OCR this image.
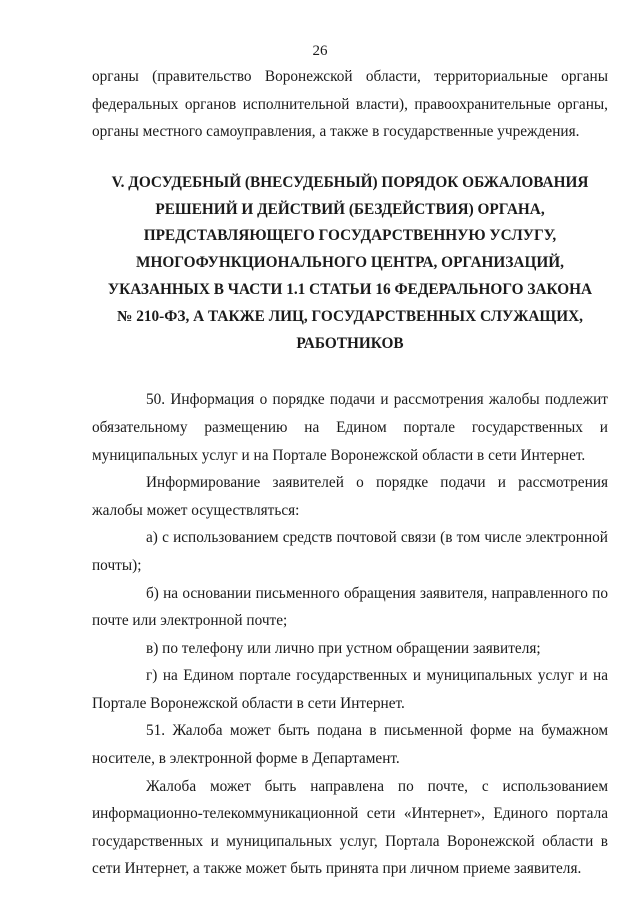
26

органы (правительство Воронежской области, территориальные органы федеральных органов исполнительной власти), правоохранительные органы, органы местного самоуправления, а также в государственные учреждения.

V. ДОСУДЕБНЫЙ (ВНЕСУДЕБНЫЙ) ПОРЯДОК ОБЖАЛОВАНИЯ
РЕШЕНИЙ И ДЕЙСТВИЙ (БЕЗДЕЙСТВИЯ) ОРГАНА,
ПРЕДСТАВЛЯЮЩЕГО ГОСУДАРСТВЕННУЮ УСЛУГУ,
МНОГОФУНКЦИОНАЛЬНОГО ЦЕНТРА, ОРГАНИЗАЦИЙ,
УКАЗАННЫХ В ЧАСТИ 1.1 СТАТЬИ 16 ФЕДЕРАЛЬНОГО ЗАКОНА
№ 210-ФЗ, А ТАКЖЕ ЛИЦ, ГОСУДАРСТВЕННЫХ СЛУЖАЩИХ,
РАБОТНИКОВ

50. Информация о порядке подачи и рассмотрения жалобы подлежит обязательному размещению на Едином портале государственных и муниципальных услуг и на Портале Воронежской области в сети Интернет.

Информирование заявителей о порядке подачи и рассмотрения жалобы может осуществляться:

а) с использованием средств почтовой связи (в том числе электронной почты);

б) на основании письменного обращения заявителя, направленного по почте или электронной почте;

в) по телефону или лично при устном обращении заявителя;

г) на Едином портале государственных и муниципальных услуг и на Портале Воронежской области в сети Интернет.

51. Жалоба может быть подана в письменной форме на бумажном носителе, в электронной форме в Департамент.

Жалоба может быть направлена по почте, с использованием информационно-телекоммуникационной сети «Интернет», Единого портала государственных и муниципальных услуг, Портала Воронежской области в сети Интернет, а также может быть принята при личном приеме заявителя.
